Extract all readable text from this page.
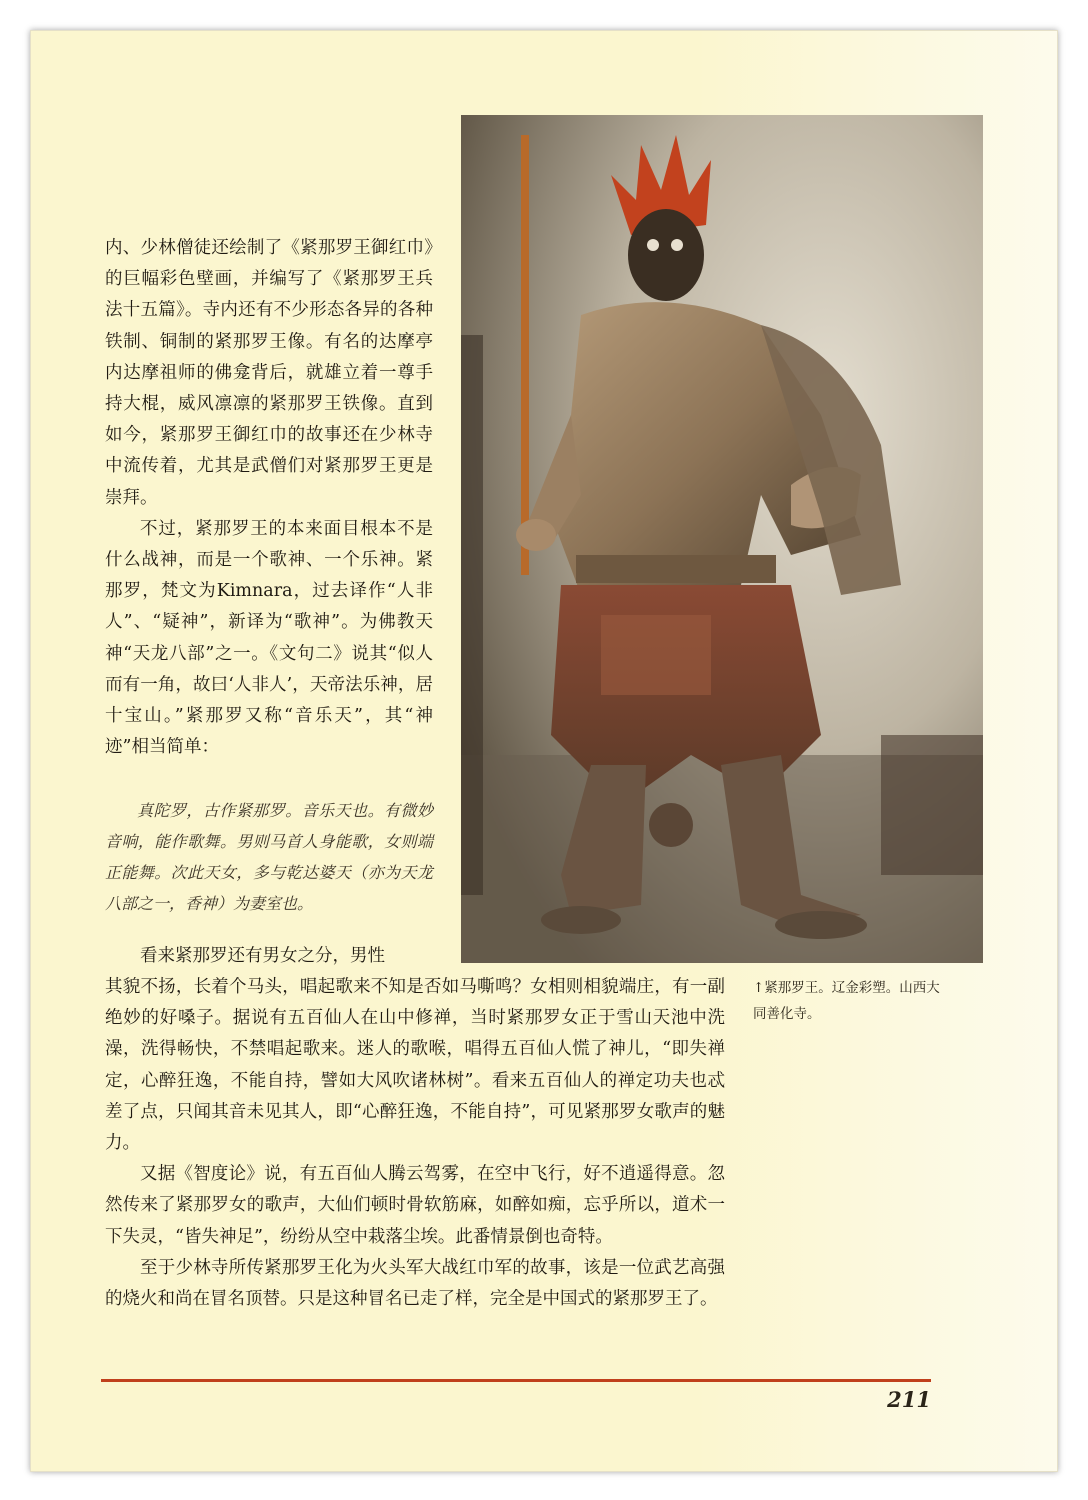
内、少林僧徒还绘制了《紧那罗王御红巾》的巨幅彩色壁画，并编写了《紧那罗王兵法十五篇》。寺内还有不少形态各异的各种铁制、铜制的紧那罗王像。有名的达摩亭内达摩祖师的佛龛背后，就雄立着一尊手持大棍，威风凛凛的紧那罗王铁像。直到如今，紧那罗王御红巾的故事还在少林寺中流传着，尤其是武僧们对紧那罗王更是崇拜。

不过，紧那罗王的本来面目根本不是什么战神，而是一个歌神、一个乐神。紧那罗，梵文为Kimnara，过去译作“人非人”、“疑神”，新译为“歌神”。为佛教天神“天龙八部”之一。《文句二》说其“似人而有一角，故曰‘人非人’，天帝法乐神，居十宝山。”紧那罗又称“音乐天”，其“神迹”相当简单：

真陀罗，古作紧那罗。音乐天也。有微妙音响，能作歌舞。男则马首人身能歌，女则端正能舞。次此天女，多与乾达婆天（亦为天龙八部之一，香神）为妻室也。

看来紧那罗还有男女之分，男性

其貌不扬，长着个马头，唱起歌来不知是否如马嘶鸣？女相则相貌端庄，有一副绝妙的好嗓子。据说有五百仙人在山中修禅，当时紧那罗女正于雪山天池中洗澡，洗得畅快，不禁唱起歌来。迷人的歌喉，唱得五百仙人慌了神儿，“即失禅定，心醉狂逸，不能自持，譬如大风吹诸林树”。看来五百仙人的禅定功夫也忒差了点，只闻其音未见其人，即“心醉狂逸，不能自持”，可见紧那罗女歌声的魅力。

又据《智度论》说，有五百仙人腾云驾雾，在空中飞行，好不逍遥得意。忽然传来了紧那罗女的歌声，大仙们顿时骨软筋麻，如醉如痴，忘乎所以，道术一下失灵，“皆失神足”，纷纷从空中栽落尘埃。此番情景倒也奇特。

至于少林寺所传紧那罗王化为火头军大战红巾军的故事，该是一位武艺高强的烧火和尚在冒名顶替。只是这种冒名已走了样，完全是中国式的紧那罗王了。

↑紧那罗王。辽金彩塑。山西大同善化寺。
211
